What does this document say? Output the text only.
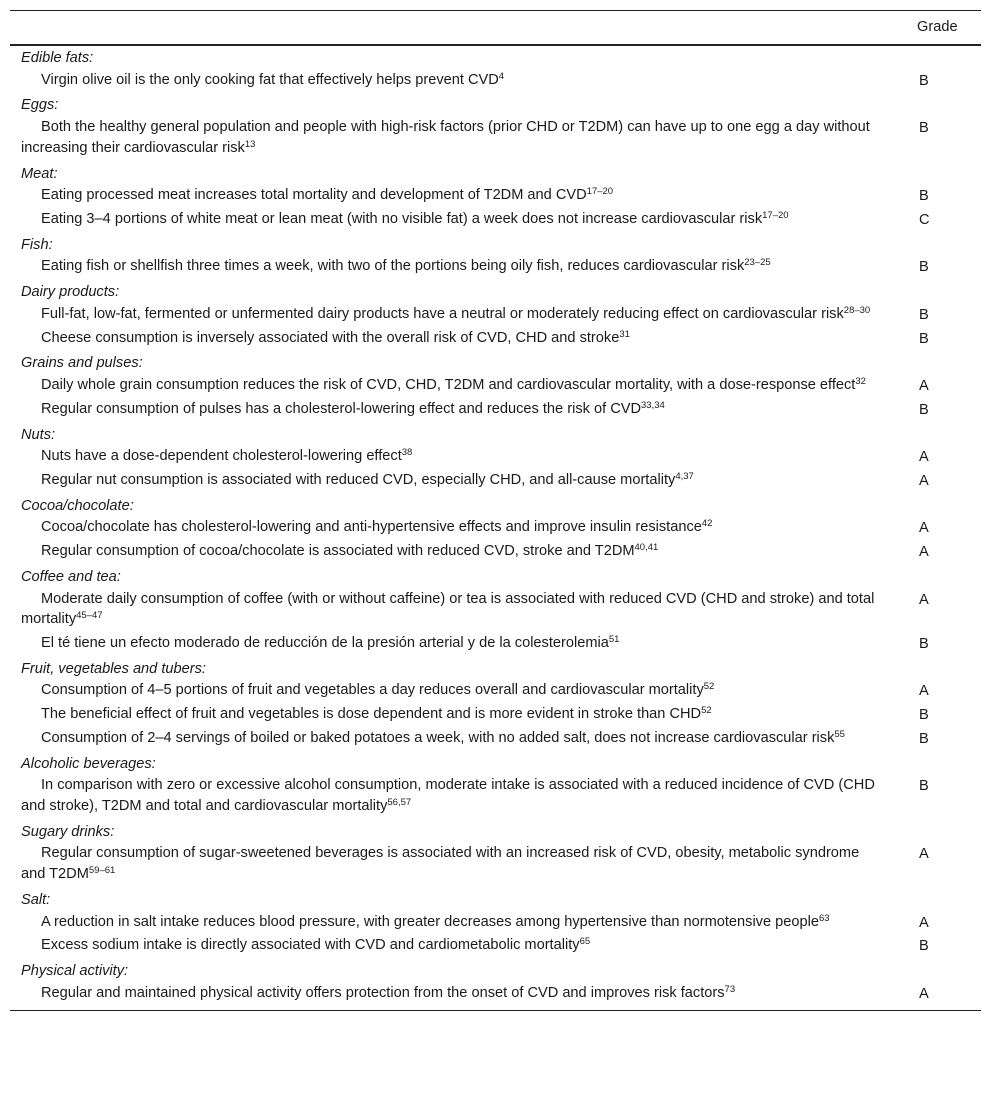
	Grade
Edible fats:	
Virgin olive oil is the only cooking fat that effectively helps prevent CVD$^4$	B
Eggs:	
Both the healthy general population and people with high-risk factors (prior CHD or T2DM) can have up to one egg a day without increasing their cardiovascular risk$^{13}$	B
Meat:	
Eating processed meat increases total mortality and development of T2DM and CVD$^{17-20}$	B
Eating 3–4 portions of white meat or lean meat (with no visible fat) a week does not increase cardiovascular risk$^{17-20}$	C
Fish:	
Eating fish or shellfish three times a week, with two of the portions being oily fish, reduces cardiovascular risk$^{23-25}$	B
Dairy products:	
Full-fat, low-fat, fermented or unfermented dairy products have a neutral or moderately reducing effect on cardiovascular risk$^{28-30}$	B
Cheese consumption is inversely associated with the overall risk of CVD, CHD and stroke$^{31}$	B
Grains and pulses:	
Daily whole grain consumption reduces the risk of CVD, CHD, T2DM and cardiovascular mortality, with a dose-response effect$^{32}$	A
Regular consumption of pulses has a cholesterol-lowering effect and reduces the risk of CVD$^{33,34}$	B
Nuts:	
Nuts have a dose-dependent cholesterol-lowering effect$^{38}$	A
Regular nut consumption is associated with reduced CVD, especially CHD, and all-cause mortality$^{4,37}$	A
Cocoa/chocolate:	
Cocoa/chocolate has cholesterol-lowering and anti-hypertensive effects and improve insulin resistance$^{42}$	A
Regular consumption of cocoa/chocolate is associated with reduced CVD, stroke and T2DM$^{40,41}$	A
Coffee and tea:	
Moderate daily consumption of coffee (with or without caffeine) or tea is associated with reduced CVD (CHD and stroke) and total mortality$^{45-47}$	A
El té tiene un efecto moderado de reducción de la presión arterial y de la colesterolemia$^{51}$	B
Fruit, vegetables and tubers:	
Consumption of 4–5 portions of fruit and vegetables a day reduces overall and cardiovascular mortality$^{52}$	A
The beneficial effect of fruit and vegetables is dose dependent and is more evident in stroke than CHD$^{52}$	B
Consumption of 2–4 servings of boiled or baked potatoes a week, with no added salt, does not increase cardiovascular risk$^{55}$	B
Alcoholic beverages:	
In comparison with zero or excessive alcohol consumption, moderate intake is associated with a reduced incidence of CVD (CHD and stroke), T2DM and total and cardiovascular mortality$^{56,57}$	B
Sugary drinks:	
Regular consumption of sugar-sweetened beverages is associated with an increased risk of CVD, obesity, metabolic syndrome and T2DM$^{59-61}$	A
Salt:	
A reduction in salt intake reduces blood pressure, with greater decreases among hypertensive than normotensive people$^{63}$	A
Excess sodium intake is directly associated with CVD and cardiometabolic mortality$^{65}$	B
Physical activity:	
Regular and maintained physical activity offers protection from the onset of CVD and improves risk factors$^{73}$	A
